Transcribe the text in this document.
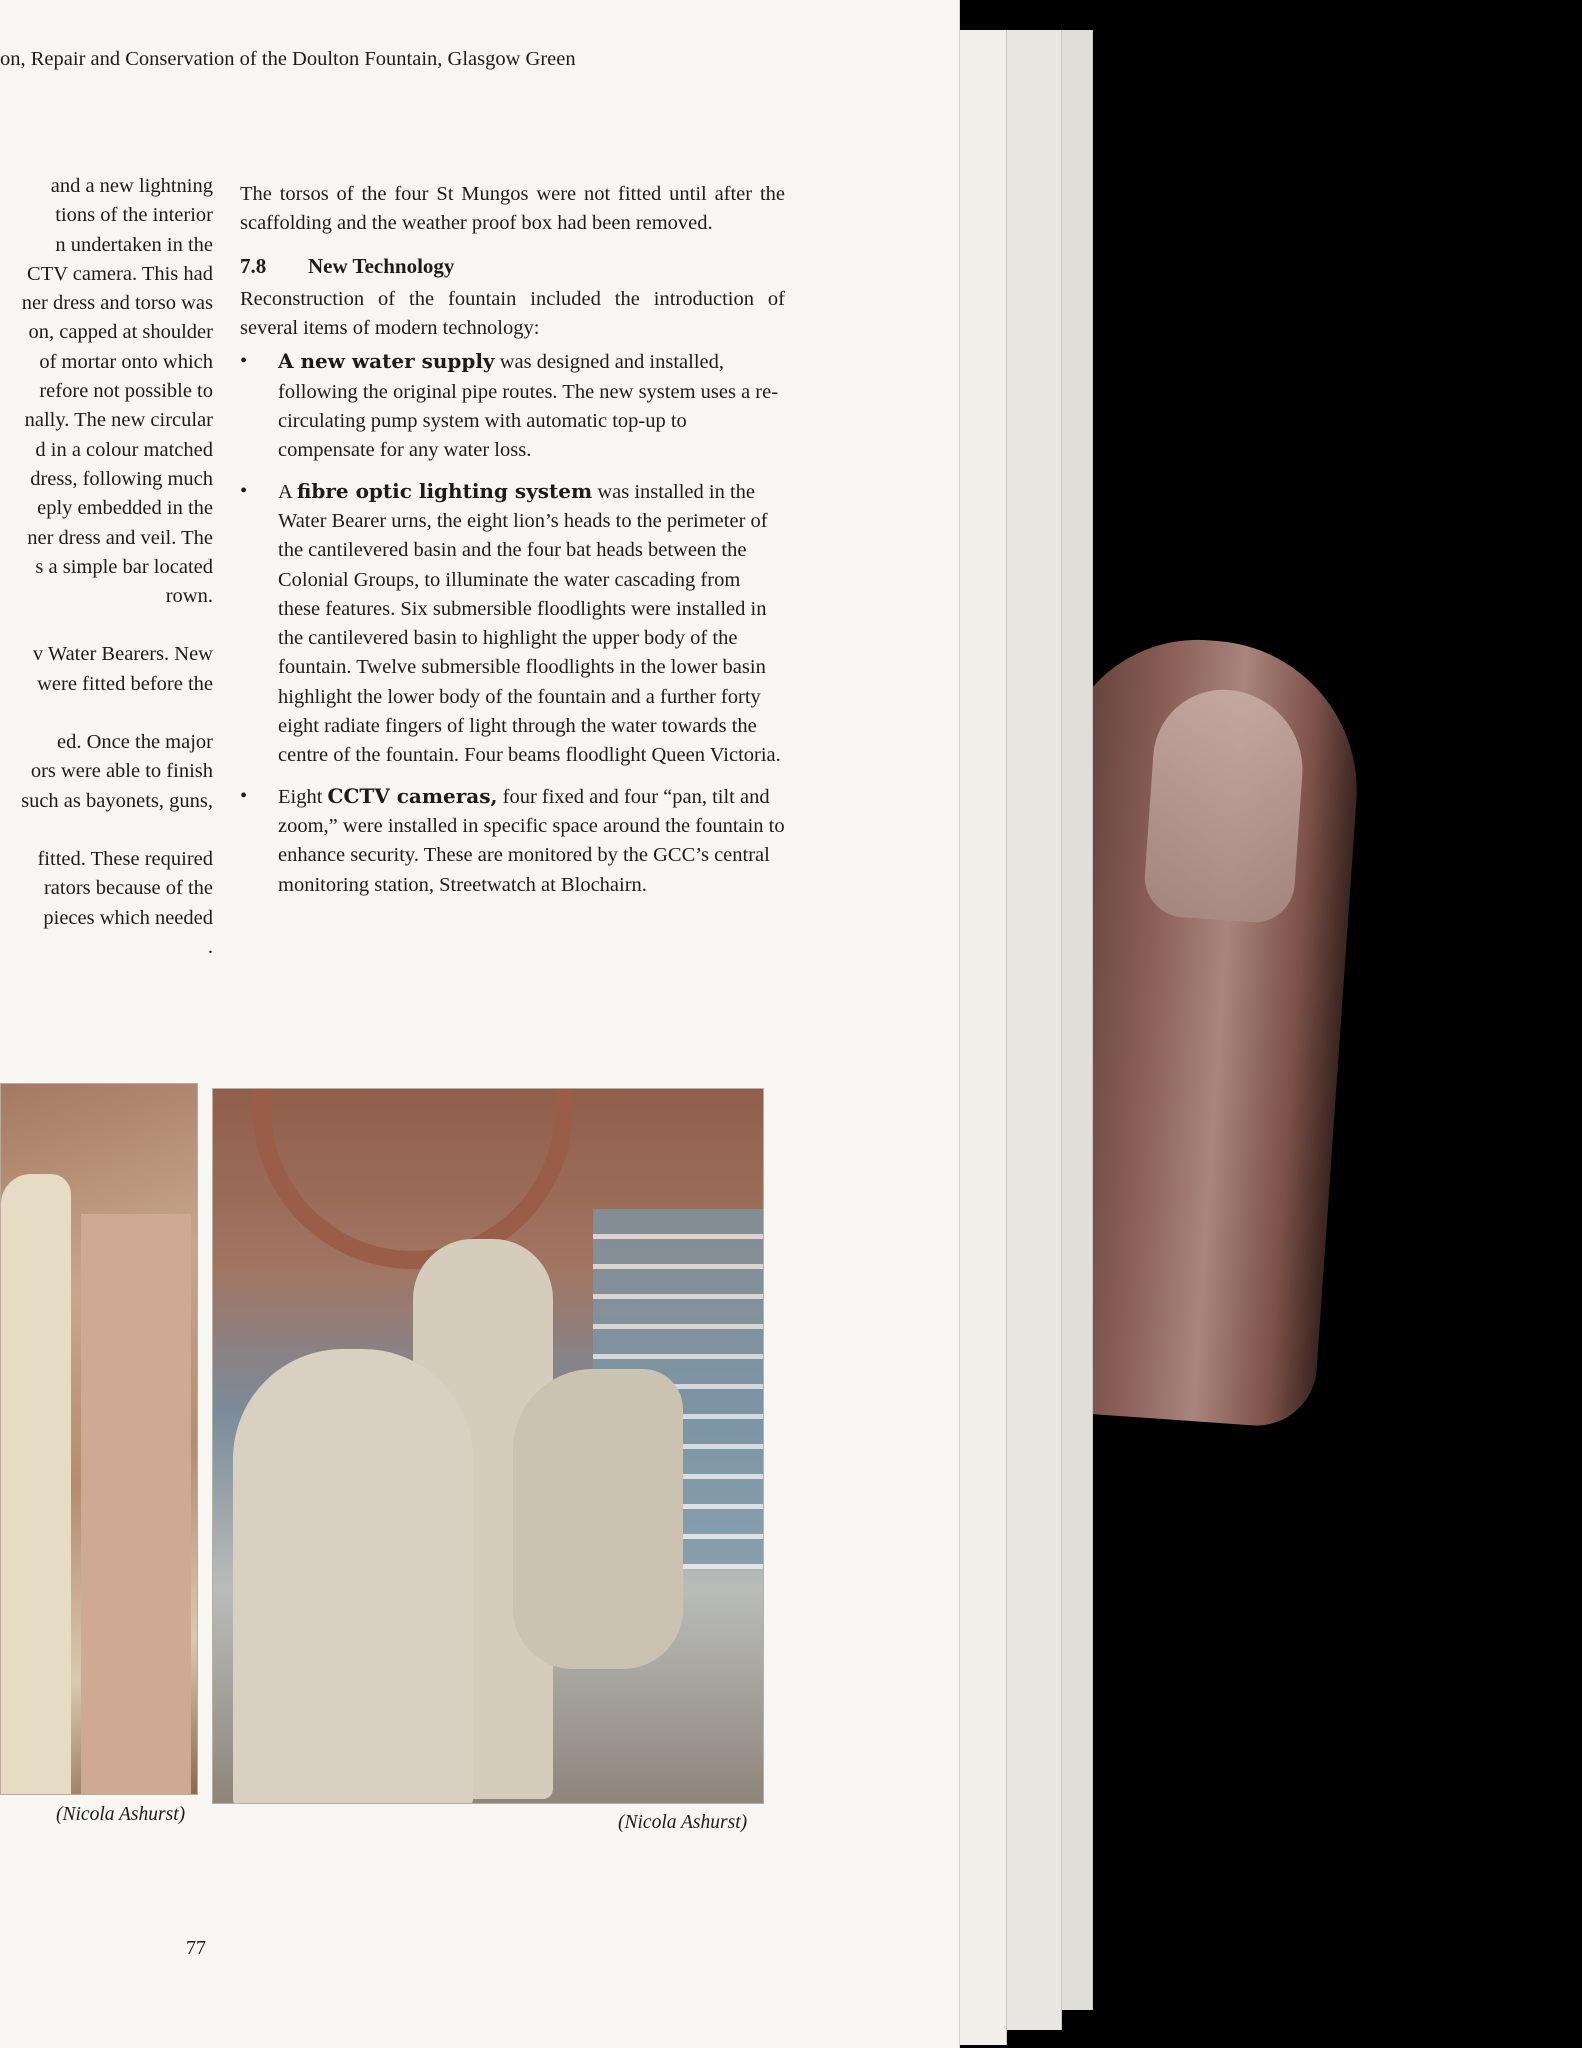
on, Repair and Conservation of the Doulton Fountain, Glasgow Green

and a new lightning

tions of the interior

n undertaken in the

CTV camera. This had

ner dress and torso was

on, capped at shoulder

of mortar onto which

refore not possible to

nally. The new circular

d in a colour matched

dress, following much

eply embedded in the

ner dress and veil. The

s a simple bar located

rown.

v Water Bearers. New

were fitted before the

ed. Once the major

ors were able to finish

such as bayonets, guns,

fitted. These required

rators because of the

pieces which needed

.

The torsos of the four St Mungos were not fitted until after the scaffolding and the weather proof box had been removed.

7.8 New Technology

Reconstruction of the fountain included the introduction of several items of modern technology:

• A new water supply was designed and installed, following the original pipe routes. The new system uses a re-circulating pump system with automatic top-up to compensate for any water loss.
• A fibre optic lighting system was installed in the Water Bearer urns, the eight lion’s heads to the perimeter of the cantilevered basin and the four bat heads between the Colonial Groups, to illuminate the water cascading from these features. Six submersible floodlights were installed in the cantilevered basin to highlight the upper body of the fountain. Twelve submersible floodlights in the lower basin highlight the lower body of the fountain and a further forty eight radiate fingers of light through the water towards the centre of the fountain. Four beams floodlight Queen Victoria.
• Eight CCTV cameras, four fixed and four “pan, tilt and zoom,” were installed in specific space around the fountain to enhance security. These are monitored by the GCC’s central monitoring station, Streetwatch at Blochairn.
(Nicola Ashurst)	(Nicola Ashurst)
77
